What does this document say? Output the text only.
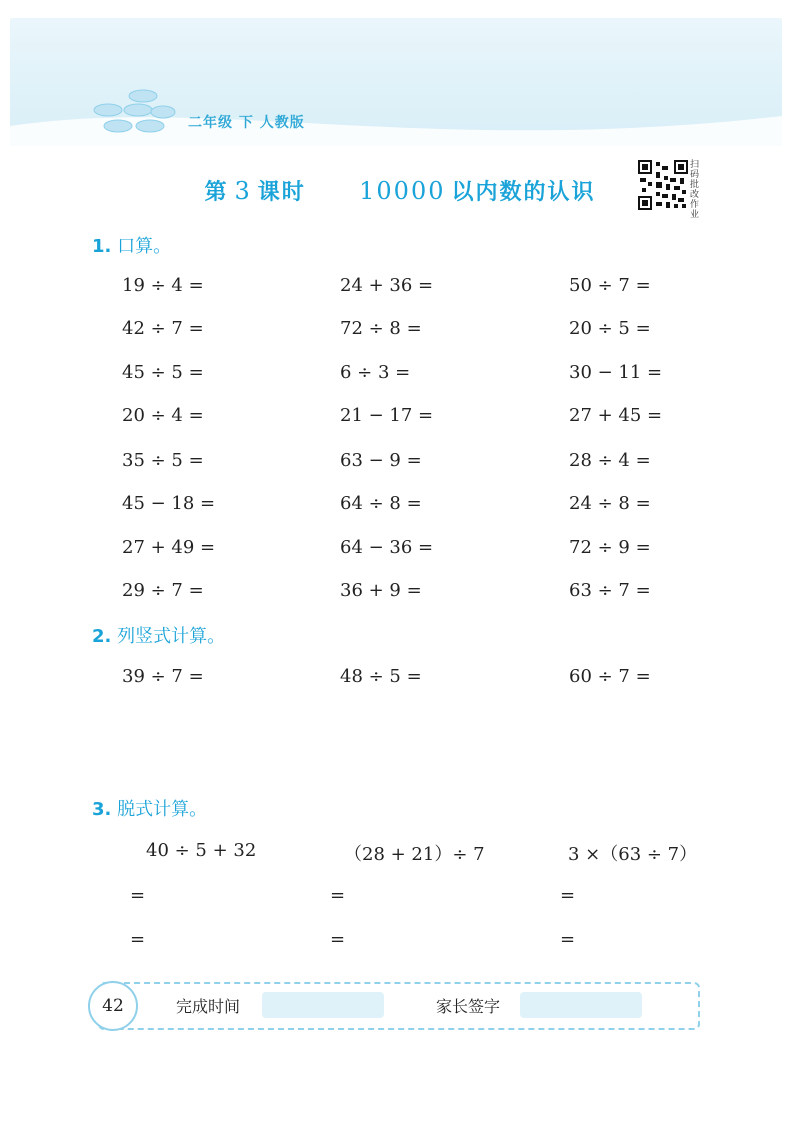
二年级 下 人教版
第 3 课时 10000 以内数的认识
扫码批改作业
1. 口算。
19 ÷ 4 =	24 + 36 =	50 ÷ 7 =
42 ÷ 7 =	72 ÷ 8 =	20 ÷ 5 =
45 ÷ 5 =	6 ÷ 3 =	30 − 11 =
20 ÷ 4 =	21 − 17 =	27 + 45 =
35 ÷ 5 =	63 − 9 =	28 ÷ 4 =
45 − 18 =	64 ÷ 8 =	24 ÷ 8 =
27 + 49 =	64 − 36 =	72 ÷ 9 =
29 ÷ 7 =	36 + 9 =	63 ÷ 7 =
2. 列竖式计算。
39 ÷ 7 =	48 ÷ 5 =	60 ÷ 7 =
3. 脱式计算。
40 ÷ 5 + 32	（28 + 21）÷ 7	3 ×（63 ÷ 7）
=	=	=
=	=	=
42	完成时间	家长签字
